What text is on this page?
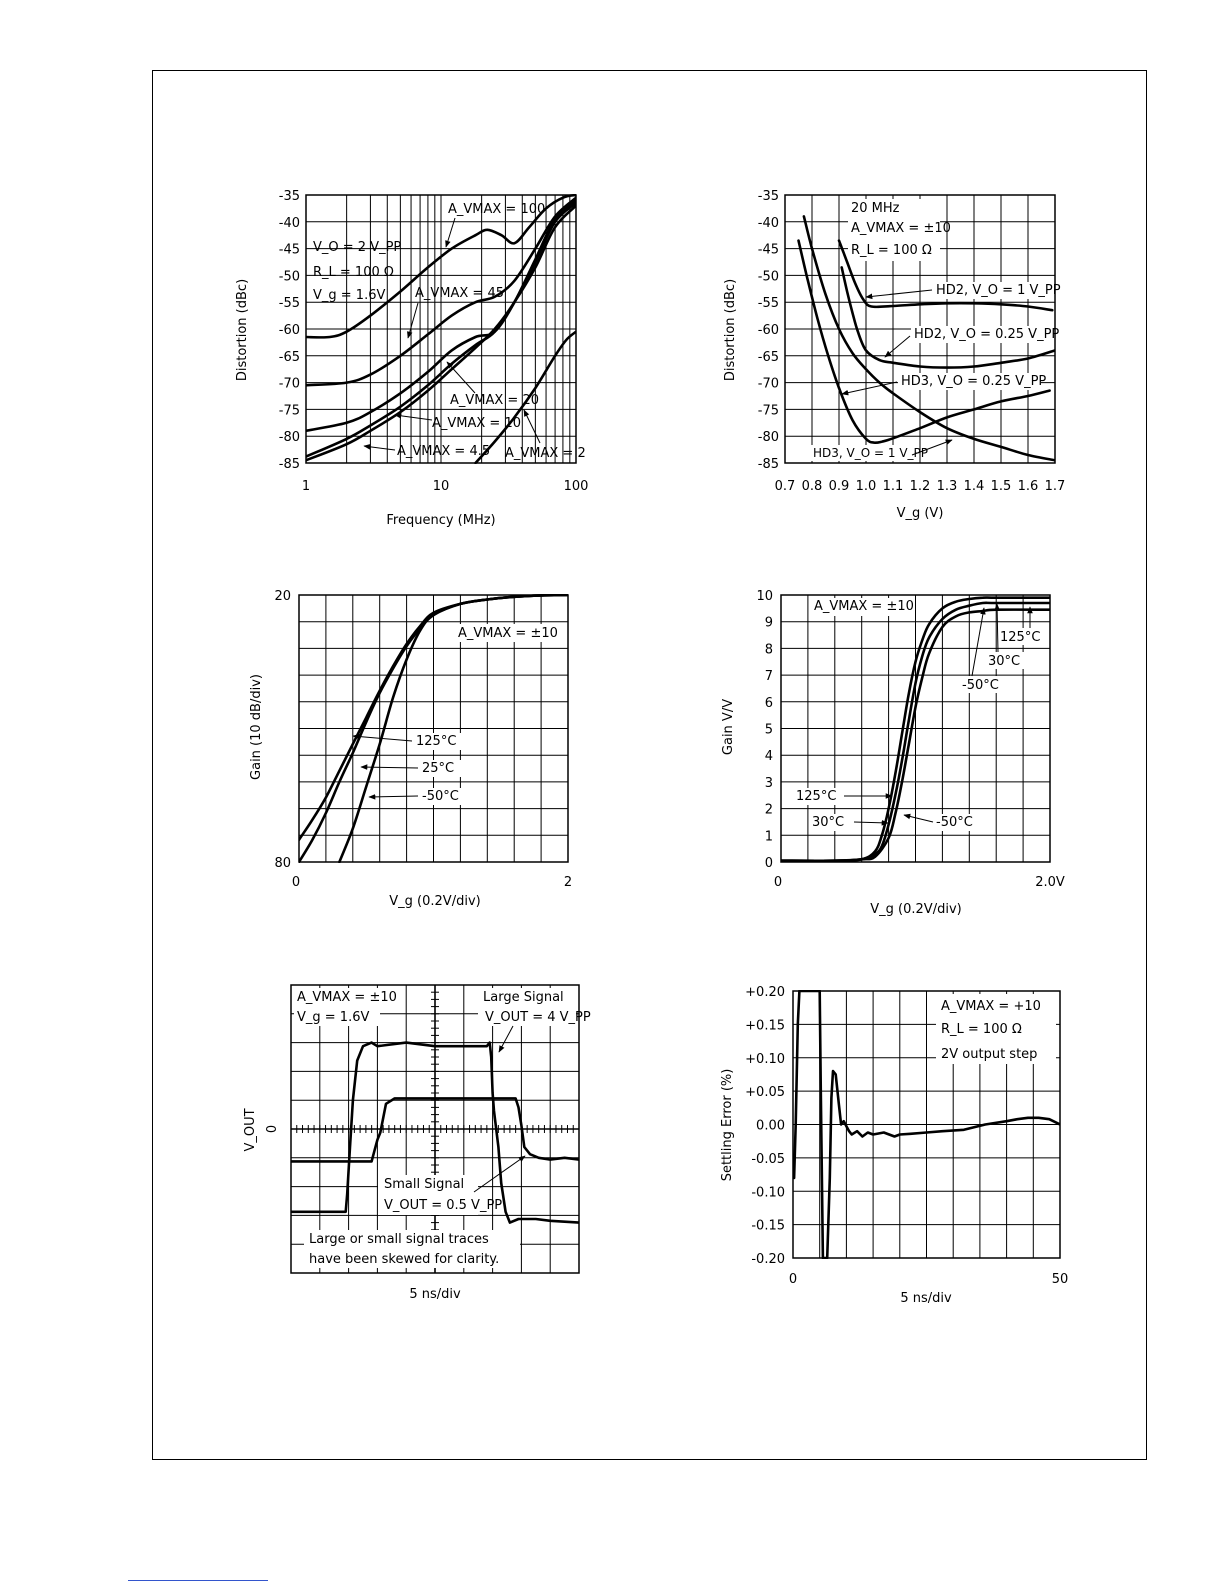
-35
-40
-45
-50
-55
-60
-65
-70
-75
-80
-85
1	10	100
Frequency (MHz)
Distortion (dBc)
V_O = 2 V_PP
R_L = 100 Ω
V_g = 1.6V
A_VMAX = 100
A_VMAX = 45
A_VMAX = 20
A_VMAX = 10
A_VMAX = 4.5 A_VMAX = 2
-35
-40
-45
-50
-55
-60
-65
-70
-75
-80
-85
0.7 0.8 0.9 1.0 1.1 1.2 1.3 1.4 1.5 1.6 1.7
V_g (V)
Distortion (dBc)
20 MHz
A_VMAX = ±10
R_L = 100 Ω
HD2, V_O = 1 V_PP
HD2, V_O = 0.25 V_PP
HD3, V_O = 0.25 V_PP
HD3, V_O = 1 V_PP
20
80
0	2
V_g (0.2V/div)
Gain (10 dB/div)
A_VMAX = ±10
125°C
25°C
-50°C
0
1
2
3
4
5
6
7
8
9
10
0	2.0V
V_g (0.2V/div)
Gain V/V
A_VMAX = ±10
125°C
30°C
-50°C
125°C
30°C	-50°C
0
5 ns/div
V_OUT
A_VMAX = ±10
V_g = 1.6V
Large Signal
V_OUT = 4 V_PP
Small Signal
V_OUT = 0.5 V_PP
Large or small signal traces
have been skewed for clarity.
+0.20
+0.15
+0.10
+0.05
0.00
-0.05
-0.10
-0.15
-0.20
0	50
5 ns/div
Settling Error (%)
A_VMAX = +10
R_L = 100 Ω
2V output step
